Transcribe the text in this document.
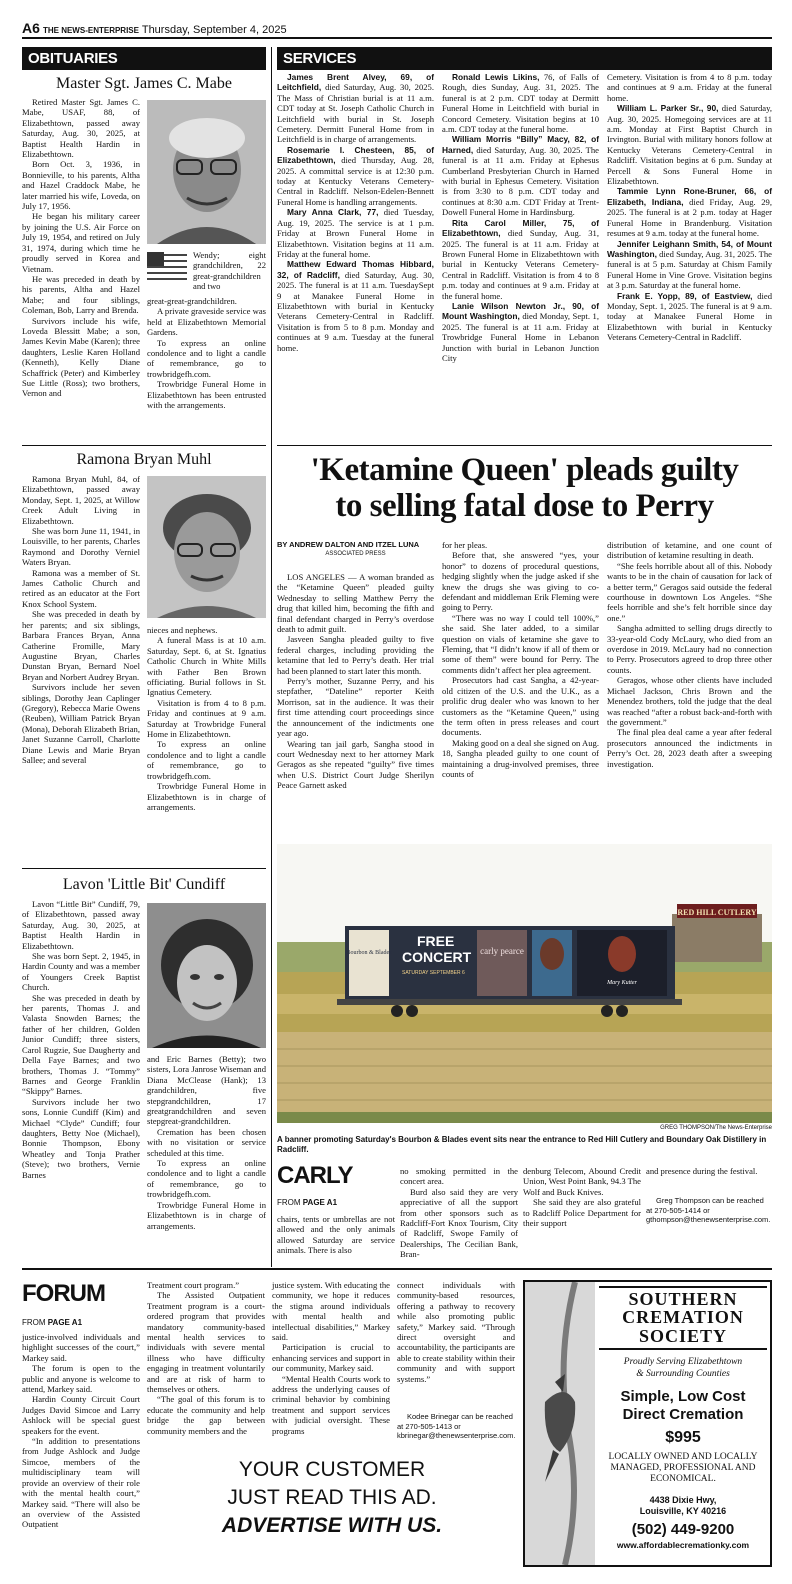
A6 THE NEWS-ENTERPRISE Thursday, September 4, 2025
OBITUARIES
Master Sgt. James C. Mabe

Retired Master Sgt. James C. Mabe, USAF, 88, of Elizabethtown, passed away Saturday, Aug. 30, 2025, at Baptist Health Hardin in Elizabethtown.

Born Oct. 3, 1936, in Bonnieville, to his parents, Altha and Hazel Craddock Mabe, he later married his wife, Loveda, on July 17, 1956.

He began his military career by joining the U.S. Air Force on July 19, 1954, and retired on July 31, 1974, during which time he proudly served in Korea and Vietnam.

He was preceded in death by his parents, Altha and Hazel Mabe; and four siblings, Coleman, Bob, Larry and Brenda.

Survivors include his wife, Loveda Blessitt Mabe; a son, James Kevin Mabe (Karen); three daughters, Leslie Karen Holland (Kenneth), Kelly Diane Schaffrick (Peter) and Kimberley Sue Little (Ross); two brothers, Vernon and

Wendy; eight grandchildren, 22 great-grandchildren and two
great-great-grandchildren.

A private graveside service was held at Elizabethtown Memorial Gardens.

To express an online condolence and to light a candle of remembrance, go to trowbridgefh.com.

Trowbridge Funeral Home in Elizabethtown has been entrusted with the arrangements.

Ramona Bryan Muhl

Ramona Bryan Muhl, 84, of Elizabethtown, passed away Monday, Sept. 1, 2025, at Willow Creek Adult Living in Elizabethtown.

She was born June 11, 1941, in Louisville, to her parents, Charles Raymond and Dorothy Verniel Waters Bryan.

Ramona was a member of St. James Catholic Church and retired as an educator at the Fort Knox School System.

She was preceded in death by her parents; and six siblings, Barbara Frances Bryan, Anna Catherine Fromille, Mary Augustine Bryan, Charles Dunstan Bryan, Bernard Noel Bryan and Norbert Audrey Bryan.

Survivors include her seven siblings, Dorothy Jean Caplinger (Gregory), Rebecca Marie Owens (Reuben), William Patrick Bryan (Mona), Deborah Elizabeth Brian, Janet Suzanne Carroll, Charlotte Diane Lewis and Marie Bryan Sallee; and several

nieces and nephews.

A funeral Mass is at 10 a.m. Saturday, Sept. 6, at St. Ignatius Catholic Church in White Mills with Father Ben Brown officiating. Burial follows in St. Ignatius Cemetery.

Visitation is from 4 to 8 p.m. Friday and continues at 9 a.m. Saturday at Trowbridge Funeral Home in Elizabethtown.

To express an online condolence and to light a candle of remembrance, go to trowbridgefh.com.

Trowbridge Funeral Home in Elizabethtown is in charge of arrangements.

Lavon 'Little Bit' Cundiff

Lavon “Little Bit” Cundiff, 79, of Elizabethtown, passed away Saturday, Aug. 30, 2025, at Baptist Health Hardin in Elizabethtown.

She was born Sept. 2, 1945, in Hardin County and was a member of Youngers Creek Baptist Church.

She was preceded in death by her parents, Thomas J. and Valasta Snowden Barnes; the father of her children, Golden Junior Cundiff; three sisters, Carol Rugzie, Sue Daugherty and Della Faye Barnes; and two brothers, Thomas J. “Tommy” Barnes and George Franklin “Skippy” Barnes.

Survivors include her two sons, Lonnie Cundiff (Kim) and Michael “Clyde” Cundiff; four daughters, Betty Noe (Michael), Bonnie Thompson, Ebony Wheatley and Tonja Prather (Steve); two brothers, Vernie Barnes

and Eric Barnes (Betty); two sisters, Lora Janrose Wiseman and Diana McClease (Hank); 13 grandchildren, five stepgrandchildren, 17 greatgrandchildren and seven stepgreat-grandchildren.

Cremation has been chosen with no visitation or service scheduled at this time.

To express an online condolence and to light a candle of remembrance, go to trowbridgefh.com.

Trowbridge Funeral Home in Elizabethtown is in charge of arrangements.

SERVICES

James Brent Alvey, 69, of Leitchfield, died Saturday, Aug. 30, 2025. The Mass of Christian burial is at 11 a.m. CDT today at St. Joseph Catholic Church in Leitchfield with burial in St. Joseph Cemetery. Dermitt Funeral Home from in Leitchfield is in charge of arrangements.

Rosemarie I. Chesteen, 85, of Elizabethtown, died Thursday, Aug. 28, 2025. A committal service is at 12:30 p.m. today at Kentucky Veterans Cemetery-Central in Radcliff. Nelson-Edelen-Bennett Funeral Home is handling arrangements.

Mary Anna Clark, 77, died Tuesday, Aug. 19, 2025. The service is at 1 p.m. Friday at Brown Funeral Home in Elizabethtown. Visitation begins at 11 a.m. Friday at the funeral home.

Matthew Edward Thomas Hibbard, 32, of Radcliff, died Saturday, Aug. 30, 2025. The funeral is at 11 a.m. TuesdaySept 9 at Manakee Funeral Home in Elizabethtown with burial in Kentucky Veterans Cemetery-Central in Radcliff. Visitation is from 5 to 8 p.m. Monday and continues at 9 a.m. Tuesday at the funeral home.

Ronald Lewis Likins, 76, of Falls of Rough, dies Sunday, Aug. 31, 2025. The funeral is at 2 p.m. CDT today at Dermitt Funeral Home in Leitchfield with burial in Concord Cemetery. Visitation begins at 10 a.m. CDT today at the funeral home.

William Morris “Billy” Macy, 82, of Harned, died Saturday, Aug. 30, 2025. The funeral is at 11 a.m. Friday at Ephesus Cumberland Presbyterian Church in Harned with burial in Ephesus Cemetery. Visitation is from 3:30 to 8 p.m. CDT today and continues at 8:30 a.m. CDT Friday at Trent-Dowell Funeral Home in Hardinsburg.

Rita Carol Miller, 75, of Elizabethtown, died Sunday, Aug. 31, 2025. The funeral is at 11 a.m. Friday at Brown Funeral Home in Elizabethtown with burial in Kentucky Veterans Cemetery-Central in Radcliff. Visitation is from 4 to 8 p.m. today and continues at 9 a.m. Friday at the funeral home.

Lanie Wilson Newton Jr., 90, of Mount Washington, died Monday, Sept. 1, 2025. The funeral is at 11 a.m. Friday at Trowbridge Funeral Home in Lebanon Junction with burial in Lebanon Junction City

Cemetery. Visitation is from 4 to 8 p.m. today and continues at 9 a.m. Friday at the funeral home.

William L. Parker Sr., 90, died Saturday, Aug. 30, 2025. Homegoing services are at 11 a.m. Monday at First Baptist Church in Irvington. Burial with military honors follow at Kentucky Veterans Cemetery-Central in Radcliff. Visitation begins at 6 p.m. Sunday at Percell & Sons Funeral Home in Elizabethtown.

Tammie Lynn Rone-Bruner, 66, of Elizabeth, Indiana, died Friday, Aug. 29, 2025. The funeral is at 2 p.m. today at Hager Funeral Home in Brandenburg. Visitation resumes at 9 a.m. today at the funeral home.

Jennifer Leighann Smith, 54, of Mount Washington, died Sunday, Aug. 31, 2025. The funeral is at 5 p.m. Saturday at Chism Family Funeral Home in Vine Grove. Visitation begins at 3 p.m. Saturday at the funeral home.

Frank E. Yopp, 89, of Eastview, died Monday, Sept. 1, 2025. The funeral is at 9 a.m. today at Manakee Funeral Home in Elizabethtown with burial in Kentucky Veterans Cemetery-Central in Radcliff.

'Ketamine Queen' pleads guilty
to selling fatal dose to Perry
BY ANDREW DALTON AND ITZEL LUNA
ASSOCIATED PRESS

LOS ANGELES — A woman branded as the “Ketamine Queen” pleaded guilty Wednesday to selling Matthew Perry the drug that killed him, becoming the fifth and final defendant charged in Perry’s overdose death to admit guilt.

Jasveen Sangha pleaded guilty to five federal charges, including providing the ketamine that led to Perry’s death. Her trial had been planned to start later this month.

Perry’s mother, Suzanne Perry, and his stepfather, “Dateline” reporter Keith Morrison, sat in the audience. It was their first time attending court proceedings since the announcement of the indictments one year ago.

Wearing tan jail garb, Sangha stood in court Wednesday next to her attorney Mark Geragos as she repeated “guilty” five times when U.S. District Court Judge Sherilyn Peace Garnett asked

for her pleas.

Before that, she answered “yes, your honor” to dozens of procedural questions, hedging slightly when the judge asked if she knew the drugs she was giving to co-defendant and middleman Erik Fleming were going to Perry.

“There was no way I could tell 100%,” she said. She later added, to a similar question on vials of ketamine she gave to Fleming, that “I didn’t know if all of them or some of them” were bound for Perry. The comments didn’t affect her plea agreement.

Prosecutors had cast Sangha, a 42-year-old citizen of the U.S. and the U.K., as a prolific drug dealer who was known to her customers as the “Ketamine Queen,” using the term often in press releases and court documents.

Making good on a deal she signed on Aug. 18, Sangha pleaded guilty to one count of maintaining a drug-involved premises, three counts of

distribution of ketamine, and one count of distribution of ketamine resulting in death.

“She feels horrible about all of this. Nobody wants to be in the chain of causation for lack of a better term,” Geragos said outside the federal courthouse in downtown Los Angeles. “She feels horrible and she’s felt horrible since day one.”

Sangha admitted to selling drugs directly to 33-year-old Cody McLaury, who died from an overdose in 2019. McLaury had no connection to Perry. Prosecutors agreed to drop three other counts.

Geragos, whose other clients have included Michael Jackson, Chris Brown and the Menendez brothers, told the judge that the deal was reached “after a robust back-and-forth with the government.”

The final plea deal came a year after federal prosecutors announced the indictments in Perry’s Oct. 28, 2023 death after a sweeping investigation.

RED HILL CUTLERY
Bourbon & Blades
FREE
CONCERT
SATURDAY SEPTEMBER 6
carly pearce
Mary Kutter
GREG THOMPSON/The News-Enterprise
A banner promoting Saturday's Bourbon & Blades event sits near the entrance to Red Hill Cutlery and Boundary Oak Distillery in Radcliff.
CARLY
FROM PAGE A1
chairs, tents or umbrellas are not allowed and the only animals allowed Saturday are service animals. There is also
no smoking permitted in the concert area.

Burd also said they are very appreciative of all the support from other sponsors such as Radcliff-Fort Knox Tourism, City of Radcliff, Swope Family of Dealerships, The Cecilian Bank, Bran-

denburg Telecom, Abound Credit Union, West Point Bank, 94.3 The Wolf and Buck Knives.

She said they are also grateful to Radcliff Police Department for their support

and presence during the festival.
Greg Thompson can be reached at 270-505-1414 or gthompson@thenewsenterprise.com.
FORUM
FROM PAGE A1
justice-involved individuals and highlight successes of the court,” Markey said.

The forum is open to the public and anyone is welcome to attend, Markey said.

Hardin County Circuit Court Judges David Simcoe and Larry Ashlock will be special guest speakers for the event.

“In addition to presentations from Judge Ashlock and Judge Simcoe, members of the multidisciplinary team will provide an overview of their role with the mental health court,” Markey said. “There will also be an overview of the Assisted Outpatient

Treatment court program.”

The Assisted Outpatient Treatment program is a court-ordered program that provides mandatory community-based mental health services to individuals with severe mental illness who have difficulty engaging in treatment voluntarily and are at risk of harm to themselves or others.

“The goal of this forum is to educate the community and help bridge the gap between community members and the

justice system. With educating the community, we hope it reduces the stigma around individuals with mental health and intellectual disabilities,” Markey said.

Participation is crucial to enhancing services and support in our community, Markey said.

“Mental Health Courts work to address the underlying causes of criminal behavior by combining treatment and support services with judicial oversight. These programs

connect individuals with community-based resources, offering a pathway to recovery while also promoting public safety,” Markey said. “Through direct oversight and accountability, the participants are able to create stability within their community and with support systems.”
Kodee Brinegar can be reached at 270-505-1413 or kbrinegar@thenewsenterprise.com.
YOUR CUSTOMER
JUST READ THIS AD.
ADVERTISE WITH US.
SOUTHERN
CREMATION
SOCIETY
Proudly Serving Elizabethtown
& Surrounding Counties
Simple, Low Cost
Direct Cremation
$995
LOCALLY OWNED AND LOCALLY MANAGED, PROFESSIONAL AND ECONOMICAL.
4438 Dixie Hwy,
Louisville, KY 40216
(502) 449-9200
www.affordablecremationky.com
